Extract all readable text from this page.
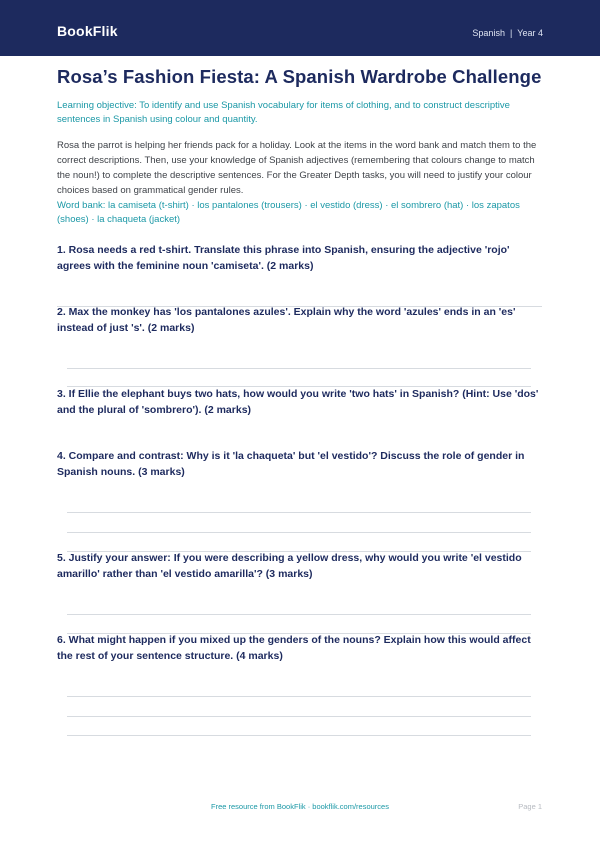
BookFlik	Spanish | Year 4
Rosa’s Fashion Fiesta: A Spanish Wardrobe Challenge
Learning objective: To identify and use Spanish vocabulary for items of clothing, and to construct descriptive sentences in Spanish using colour and quantity.
Rosa the parrot is helping her friends pack for a holiday. Look at the items in the word bank and match them to the correct descriptions. Then, use your knowledge of Spanish adjectives (remembering that colours change to match the noun!) to complete the descriptive sentences. For the Greater Depth tasks, you will need to justify your colour choices based on grammatical gender rules.
Word bank: la camiseta (t-shirt) · los pantalones (trousers) · el vestido (dress) · el sombrero (hat) · los zapatos (shoes) · la chaqueta (jacket)
1. Rosa needs a red t-shirt. Translate this phrase into Spanish, ensuring the adjective 'rojo' agrees with the feminine noun 'camiseta'. (2 marks)
2. Max the monkey has 'los pantalones azules'. Explain why the word 'azules' ends in an 'es' instead of just 's'. (2 marks)
3. If Ellie the elephant buys two hats, how would you write 'two hats' in Spanish? (Hint: Use 'dos' and the plural of 'sombrero'). (2 marks)
4. Compare and contrast: Why is it 'la chaqueta' but 'el vestido'? Discuss the role of gender in Spanish nouns. (3 marks)
5. Justify your answer: If you were describing a yellow dress, why would you write 'el vestido amarillo' rather than 'el vestido amarilla'? (3 marks)
6. What might happen if you mixed up the genders of the nouns? Explain how this would affect the rest of your sentence structure. (4 marks)
Free resource from BookFlik · bookflik.com/resources	Page 1
